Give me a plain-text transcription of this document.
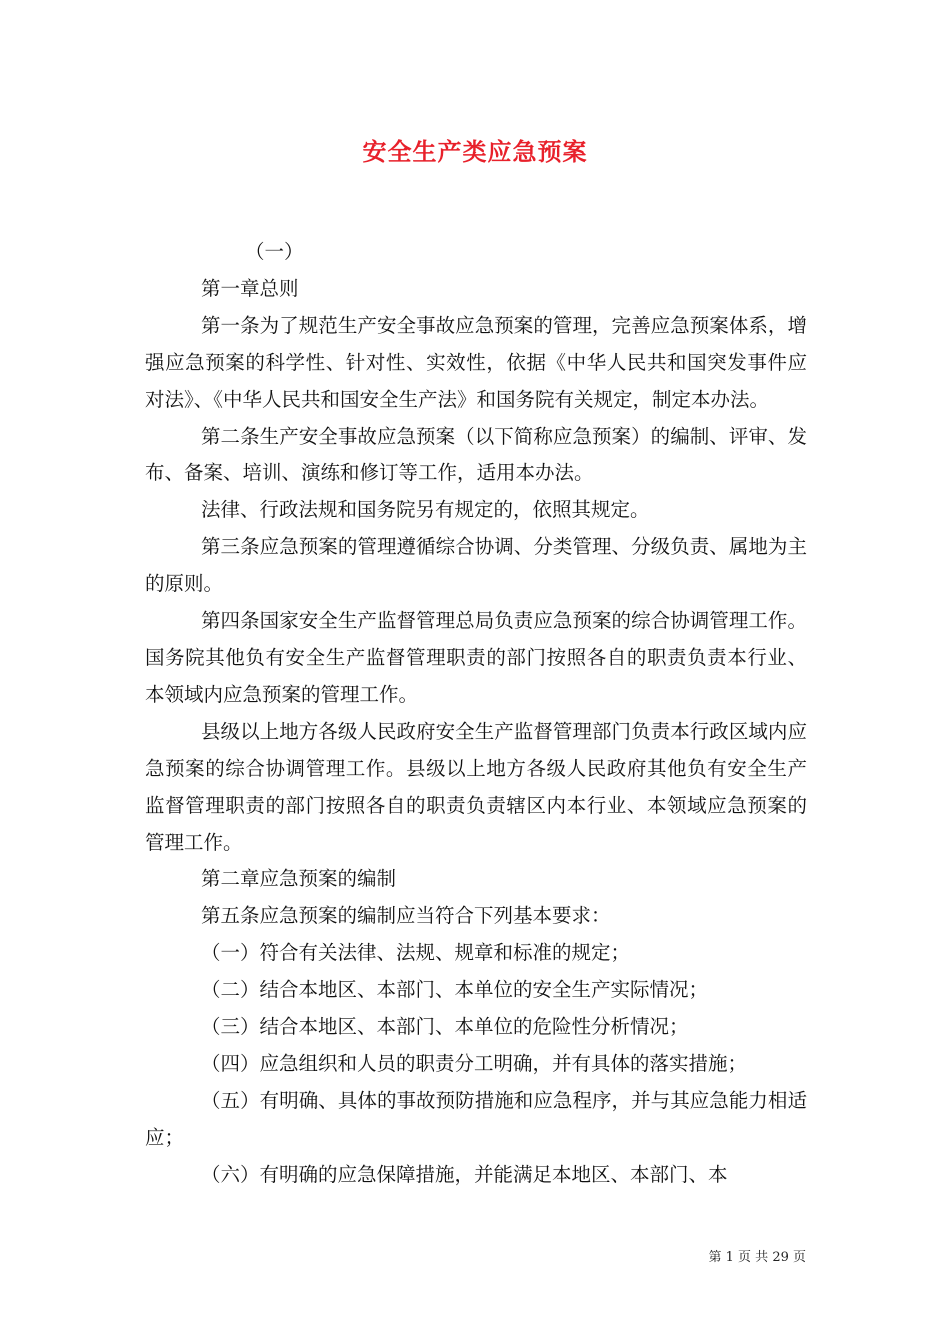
安全生产类应急预案

（一）

第一章总则

第一条为了规范生产安全事故应急预案的管理，完善应急预案体系，增强应急预案的科学性、针对性、实效性，依据《中华人民共和国突发事件应对法》、《中华人民共和国安全生产法》和国务院有关规定，制定本办法。

第二条生产安全事故应急预案（以下简称应急预案）的编制、评审、发布、备案、培训、演练和修订等工作，适用本办法。

法律、行政法规和国务院另有规定的，依照其规定。

第三条应急预案的管理遵循综合协调、分类管理、分级负责、属地为主的原则。

第四条国家安全生产监督管理总局负责应急预案的综合协调管理工作。国务院其他负有安全生产监督管理职责的部门按照各自的职责负责本行业、本领域内应急预案的管理工作。

县级以上地方各级人民政府安全生产监督管理部门负责本行政区域内应急预案的综合协调管理工作。县级以上地方各级人民政府其他负有安全生产监督管理职责的部门按照各自的职责负责辖区内本行业、本领域应急预案的管理工作。

第二章应急预案的编制

第五条应急预案的编制应当符合下列基本要求：

（一）符合有关法律、法规、规章和标准的规定；

（二）结合本地区、本部门、本单位的安全生产实际情况；

（三）结合本地区、本部门、本单位的危险性分析情况；

（四）应急组织和人员的职责分工明确，并有具体的落实措施；

（五）有明确、具体的事故预防措施和应急程序，并与其应急能力相适应；

（六）有明确的应急保障措施，并能满足本地区、本部门、本

第 1 页 共 29 页
